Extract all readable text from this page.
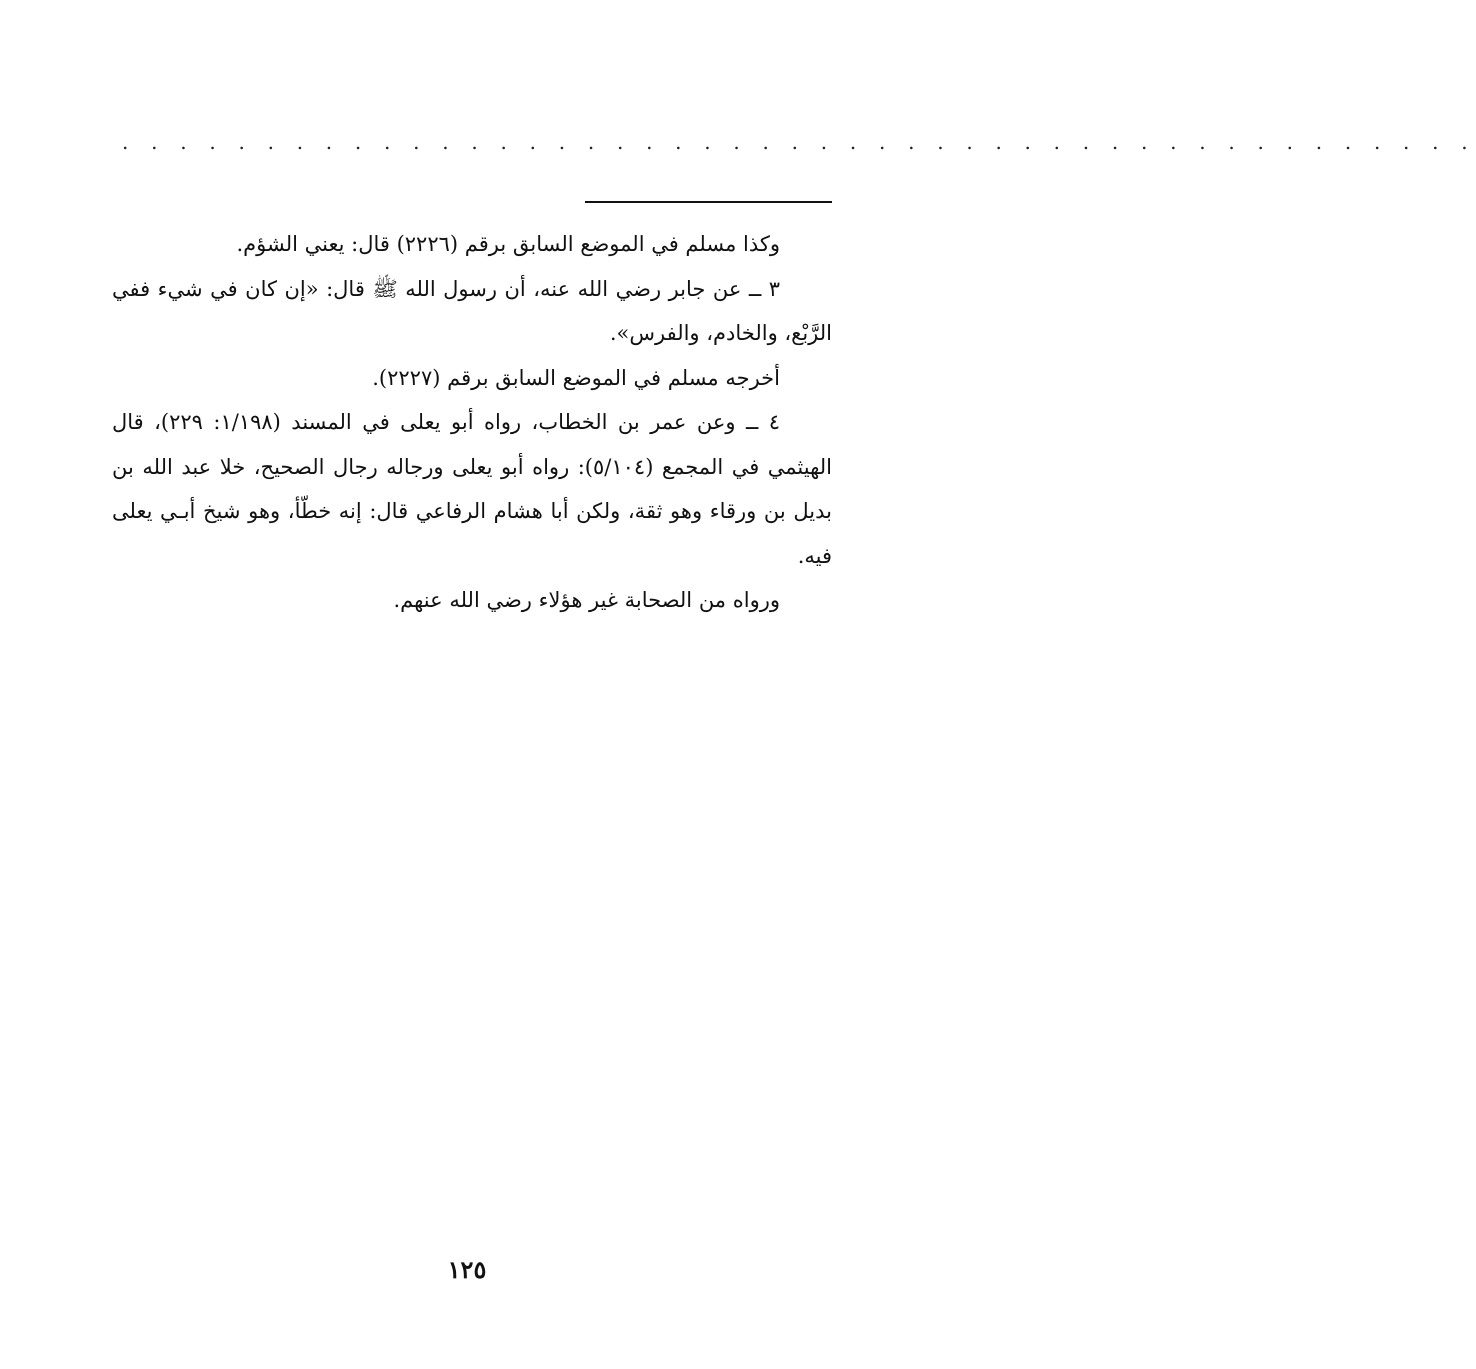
. . . . . . . . . . . . . . . . . . . . . . . . . . . . . . . . . . . . . . . . . . . . . . .

وكذا مسلم في الموضع السابق برقم (٢٢٢٦) قال: يعني الشؤم.

٣ ــ عن جابر رضي الله عنه، أن رسول الله ﷺ قال: «إن كان في شيء ففي الرَّبْع، والخادم، والفرس».

أخرجه مسلم في الموضع السابق برقم (٢٢٢٧).

٤ ــ وعن عمر بن الخطاب، رواه أبو يعلى في المسند (١/١٩٨: ٢٢٩)، قال الهيثمي في المجمع (٥/١٠٤): رواه أبو يعلى ورجاله رجال الصحيح، خلا عبد الله بن بديل بن ورقاء وهو ثقة، ولكن أبا هشام الرفاعي قال: إنه خطّأ، وهو شيخ أبـي يعلى فيه.

ورواه من الصحابة غير هؤلاء رضي الله عنهم.

١٢٥
